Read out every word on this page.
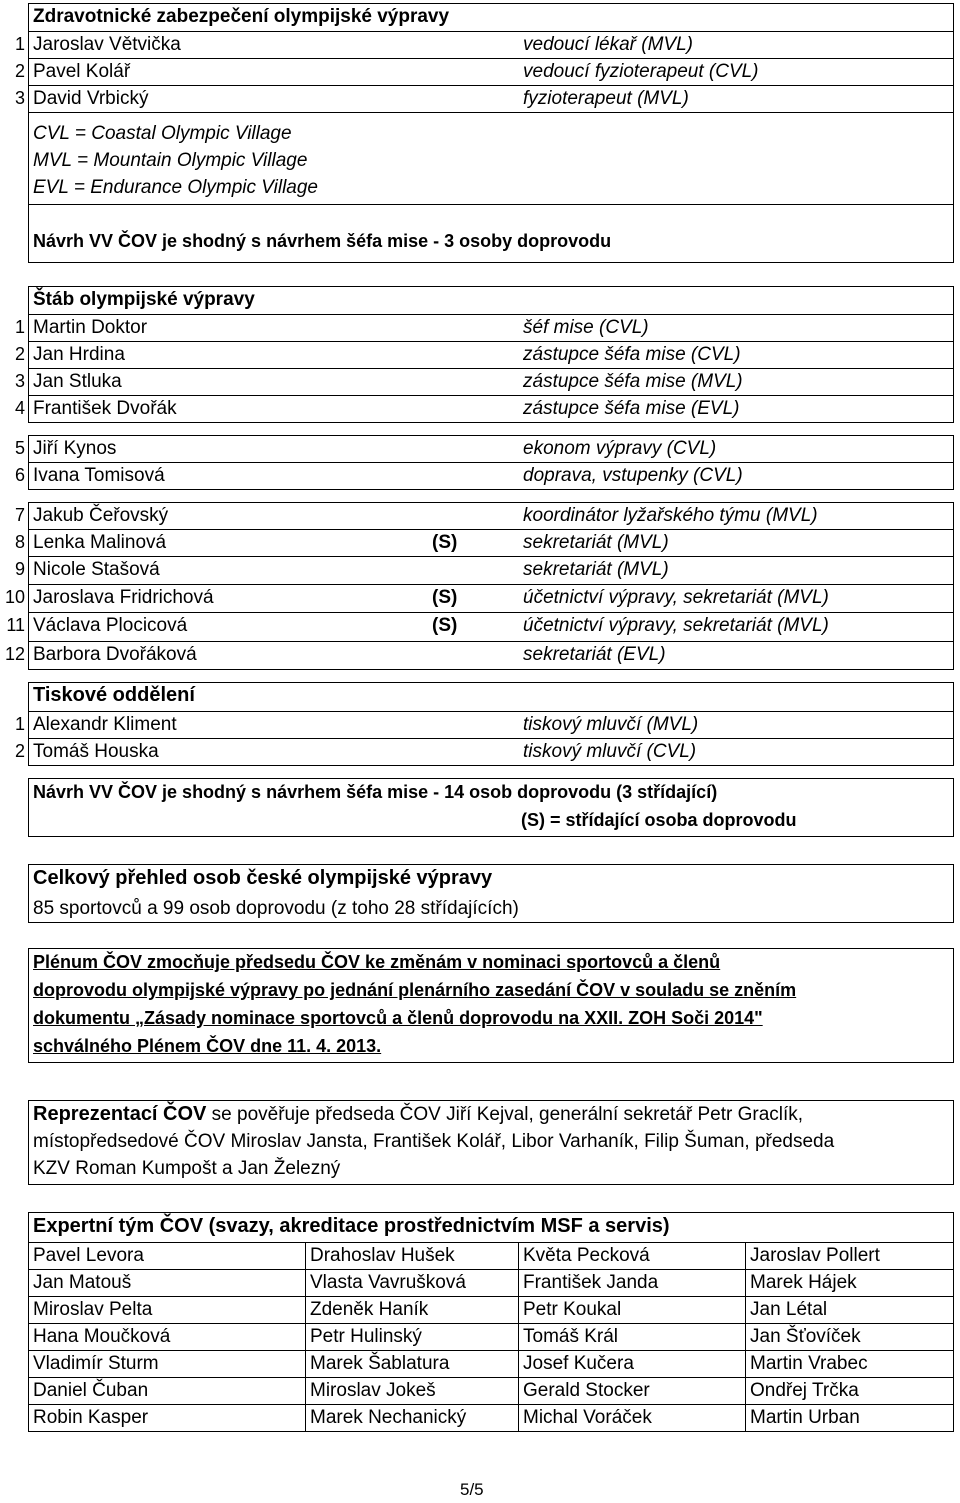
Zdravotnické zabezpečení olympijské výpravy
1 Jaroslav Větvička	vedoucí lékař (MVL)
2 Pavel Kolář	vedoucí fyzioterapeut (CVL)
3 David Vrbický	fyzioterapeut (MVL)
CVL = Coastal Olympic Village
MVL = Mountain Olympic Village
EVL = Endurance Olympic Village
Návrh VV ČOV je shodný s návrhem šéfa mise - 3 osoby doprovodu
Štáb olympijské výpravy
1 Martin Doktor	šéf mise (CVL)
2 Jan Hrdina	zástupce šéfa mise (CVL)
3 Jan Stluka	zástupce šéfa mise (MVL)
4 František Dvořák	zástupce šéfa mise (EVL)
5 Jiří Kynos	ekonom výpravy (CVL)
6 Ivana Tomisová	doprava, vstupenky (CVL)
7 Jakub Čeřovský	koordinátor lyžařského týmu (MVL)
8 Lenka Malinová	(S)	sekretariát (MVL)
9 Nicole Stašová	sekretariát (MVL)
10 Jaroslava Fridrichová	(S)	účetnictví výpravy, sekretariát (MVL)
11 Václava Plocicová	(S)	účetnictví výpravy, sekretariát (MVL)
12 Barbora Dvořáková	sekretariát (EVL)
Tiskové oddělení
1 Alexandr Kliment	tiskový mluvčí (MVL)
2 Tomáš Houska	tiskový mluvčí (CVL)
Návrh VV ČOV je shodný s návrhem šéfa mise - 14 osob doprovodu (3 střídající)
(S) = střídající osoba doprovodu
Celkový přehled osob české olympijské výpravy
85 sportovců a 99 osob doprovodu (z toho 28 střídajících)
Plénum ČOV zmocňuje předsedu ČOV ke změnám v nominaci sportovců a členů
doprovodu olympijské výpravy po jednání plenárního zasedání ČOV v souladu se zněním
dokumentu „Zásady nominace sportovců a členů doprovodu na XXII. ZOH Soči 2014"
schválného Plénem ČOV dne 11. 4. 2013.
Reprezentací ČOV se pověřuje předseda ČOV Jiří Kejval, generální sekretář Petr Graclík,
místopředsedové ČOV Miroslav Jansta, František Kolář, Libor Varhaník, Filip Šuman, předseda
KZV Roman Kumpošt a Jan Železný
Expertní tým ČOV (svazy, akreditace prostřednictvím MSF a servis)
Pavel Levora	Drahoslav Hušek	Květa Pecková	Jaroslav Pollert
Jan Matouš	Vlasta Vavrušková	František Janda	Marek Hájek
Miroslav Pelta	Zdeněk Haník	Petr Koukal	Jan Létal
Hana Moučková	Petr Hulinský	Tomáš Král	Jan Šťovíček
Vladimír Sturm	Marek Šablatura	Josef Kučera	Martin Vrabec
Daniel Čuban	Miroslav Jokeš	Gerald Stocker	Ondřej Trčka
Robin Kasper	Marek Nechanický	Michal Voráček	Martin Urban
5/5
